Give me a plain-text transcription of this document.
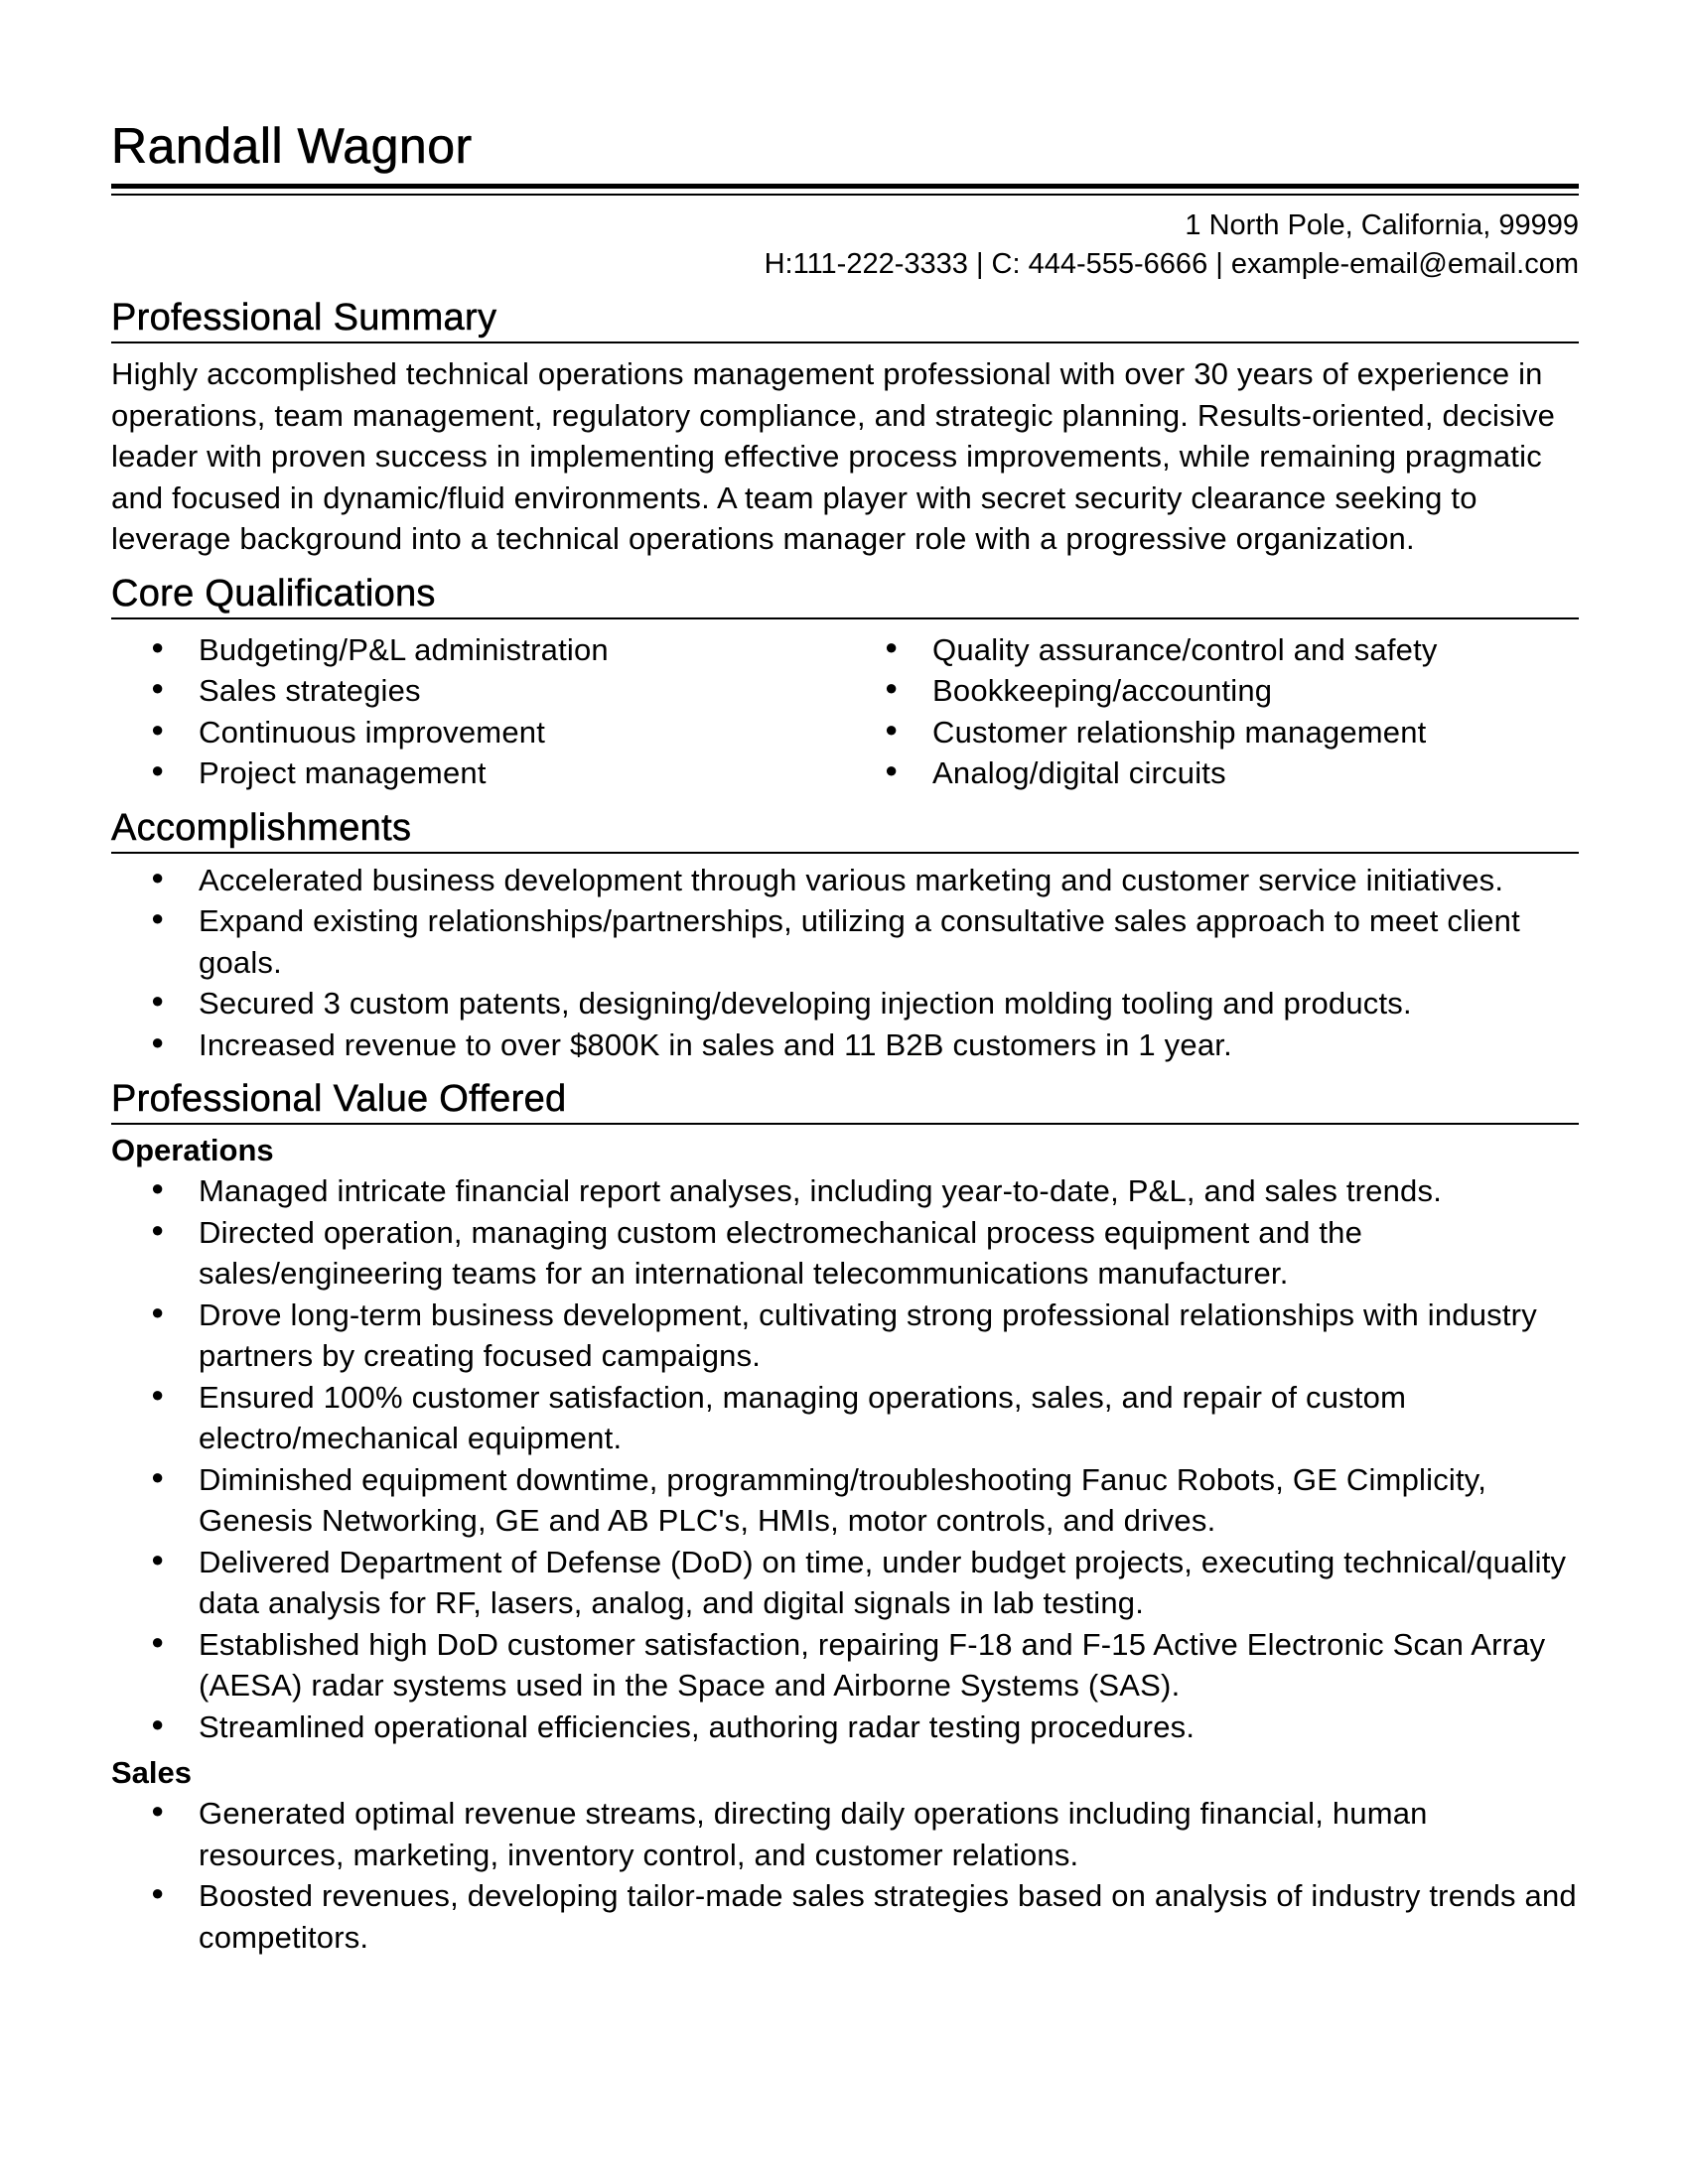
Randall Wagnor
1 North Pole, California, 99999
H:111-222-3333 | C: 444-555-6666 | example-email@email.com
Professional Summary

Highly accomplished technical operations management professional with over 30 years of experience in operations, team management, regulatory compliance, and strategic planning. Results-oriented, decisive leader with proven success in implementing effective process improvements, while remaining pragmatic and focused in dynamic/fluid environments. A team player with secret security clearance seeking to leverage background into a technical operations manager role with a progressive organization.

Core Qualifications
● Budgeting/P&L administration
● Sales strategies
● Continuous improvement
● Project management
● Quality assurance/control and safety
● Bookkeeping/accounting
● Customer relationship management
● Analog/digital circuits
Accomplishments
● Accelerated business development through various marketing and customer service initiatives.
● Expand existing relationships/partnerships, utilizing a consultative sales approach to meet client goals.
● Secured 3 custom patents, designing/developing injection molding tooling and products.
● Increased revenue to over $800K in sales and 11 B2B customers in 1 year.
Professional Value Offered
Operations
● Managed intricate financial report analyses, including year-to-date, P&L, and sales trends.
● Directed operation, managing custom electromechanical process equipment and the sales/engineering teams for an international telecommunications manufacturer.
● Drove long-term business development, cultivating strong professional relationships with industry partners by creating focused campaigns.
● Ensured 100% customer satisfaction, managing operations, sales, and repair of custom electro/mechanical equipment.
● Diminished equipment downtime, programming/troubleshooting Fanuc Robots, GE Cimplicity, Genesis Networking, GE and AB PLC's, HMIs, motor controls, and drives.
● Delivered Department of Defense (DoD) on time, under budget projects, executing technical/quality data analysis for RF, lasers, analog, and digital signals in lab testing.
● Established high DoD customer satisfaction, repairing F-18 and F-15 Active Electronic Scan Array (AESA) radar systems used in the Space and Airborne Systems (SAS).
● Streamlined operational efficiencies, authoring radar testing procedures.
Sales
● Generated optimal revenue streams, directing daily operations including financial, human resources, marketing, inventory control, and customer relations.
● Boosted revenues, developing tailor-made sales strategies based on analysis of industry trends and competitors.
